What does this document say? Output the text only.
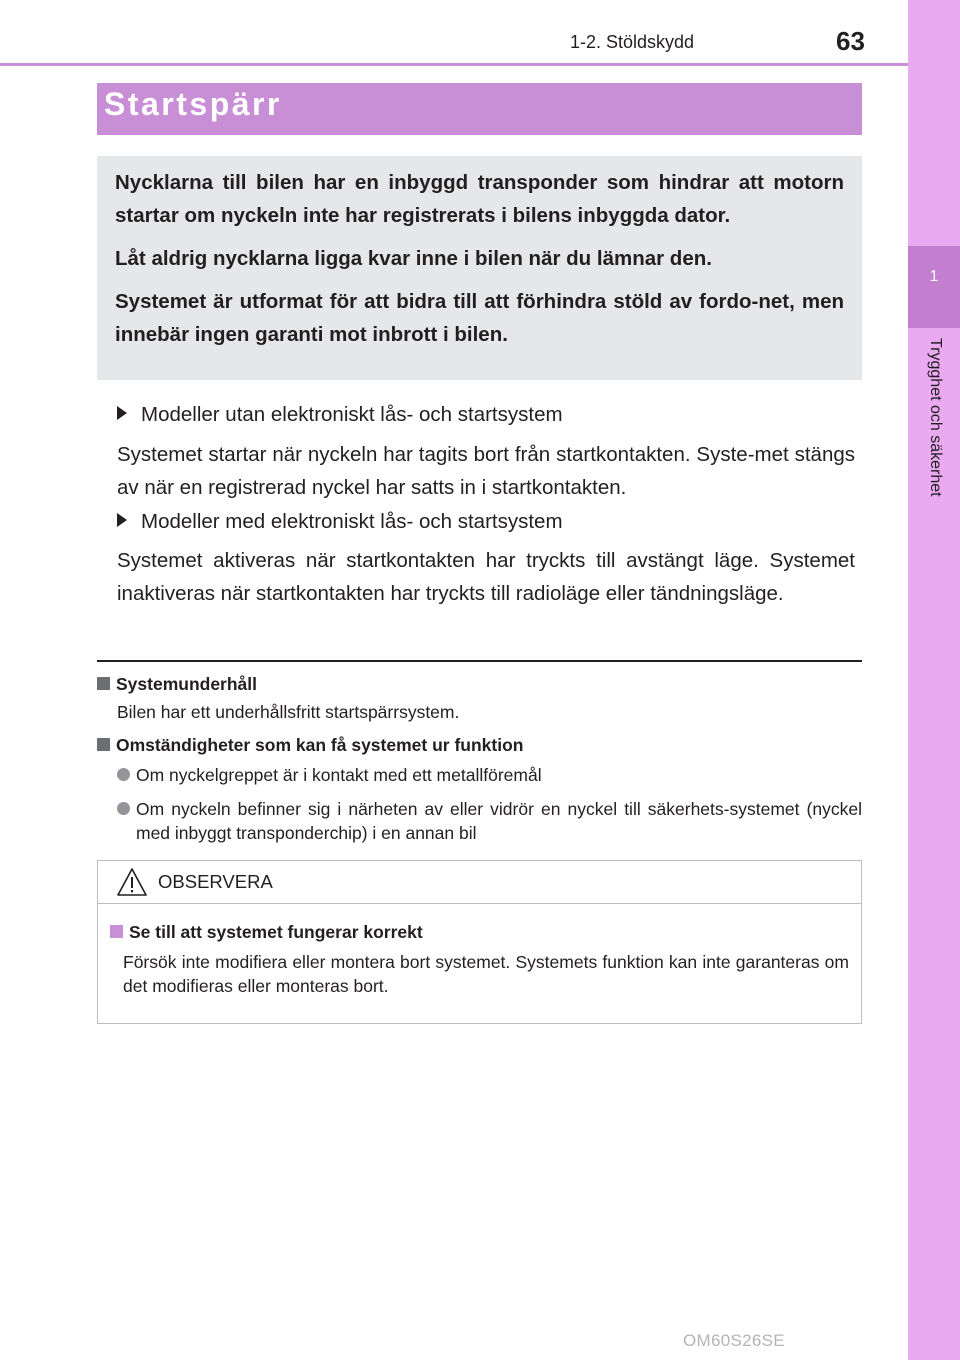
1-2. Stöldskydd	63
1
Trygghet och säkerhet
Startspärr

Nycklarna till bilen har en inbyggd transponder som hindrar att motorn startar om nyckeln inte har registrerats i bilens inbyggda dator.

Låt aldrig nycklarna ligga kvar inne i bilen när du lämnar den.

Systemet är utformat för att bidra till att förhindra stöld av fordo-net, men innebär ingen garanti mot inbrott i bilen.

Modeller utan elektroniskt lås- och startsystem
Systemet startar när nyckeln har tagits bort från startkontakten. Syste-met stängs av när en registrerad nyckel har satts in i startkontakten.
Modeller med elektroniskt lås- och startsystem
Systemet aktiveras när startkontakten har tryckts till avstängt läge. Systemet inaktiveras när startkontakten har tryckts till radioläge eller tändningsläge.
Systemunderhåll
Bilen har ett underhållsfritt startspärrsystem.
Omständigheter som kan få systemet ur funktion
Om nyckelgreppet är i kontakt med ett metallföremål
Om nyckeln befinner sig i närheten av eller vidrör en nyckel till säkerhets-systemet (nyckel med inbyggt transponderchip) i en annan bil
OBSERVERA
Se till att systemet fungerar korrekt
Försök inte modifiera eller montera bort systemet. Systemets funktion kan inte garanteras om det modifieras eller monteras bort.
OM60S26SE
